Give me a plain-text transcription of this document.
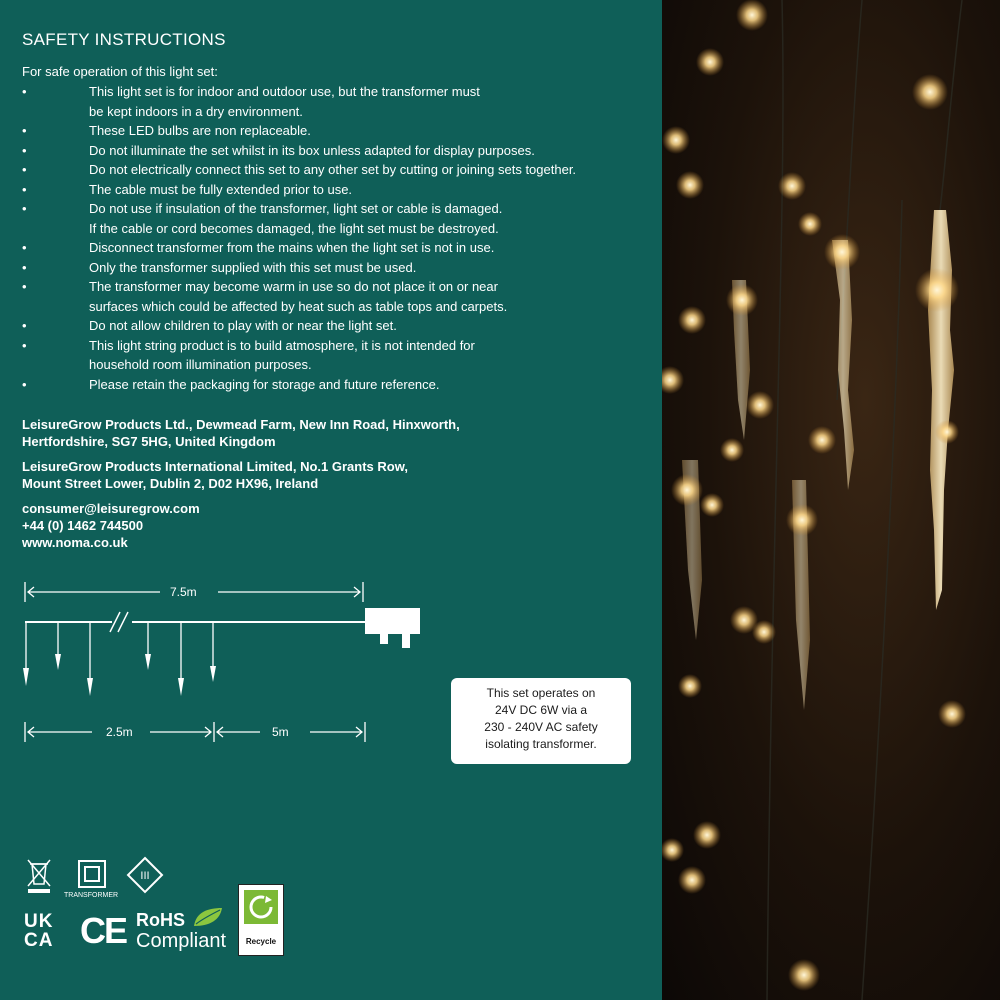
SAFETY INSTRUCTIONS

For safe operation of this light set:

•	This light set is for indoor and outdoor use, but the transformer must
be kept indoors in a dry environment.
•	These LED bulbs are non replaceable.
•	Do not illuminate the set whilst in its box unless adapted for display purposes.
•	Do not electrically connect this set to any other set by cutting or joining sets together.
•	The cable must be fully extended prior to use.
•	Do not use if insulation of the transformer, light set or cable is damaged.
If the cable or cord becomes damaged, the light set must be destroyed.
•	Disconnect transformer from the mains when the light set is not in use.
•	Only the transformer supplied with this set must be used.
•	The transformer may become warm in use so do not place it on or near
surfaces which could be affected by heat such as table tops and carpets.
•	Do not allow children to play with or near the light set.
•	This light string product is to build atmosphere, it is not intended for
household room illumination purposes.
•	Please retain the packaging for storage and future reference.

LeisureGrow Products Ltd., Dewmead Farm, New Inn Road, Hinxworth,
Hertfordshire, SG7 5HG, United Kingdom

LeisureGrow Products International Limited, No.1 Grants Row,
Mount Street Lower, Dublin 2, D02 HX96, Ireland

consumer@leisuregrow.com
+44 (0) 1462 744500
www.noma.co.uk

7.5m
2.5m	5m
This set operates on
24V DC 6W via a
230 - 240V AC safety
isolating transformer.
TRANSFORMER
III
UK
CA CE RoHS
Compliant	Recycle
